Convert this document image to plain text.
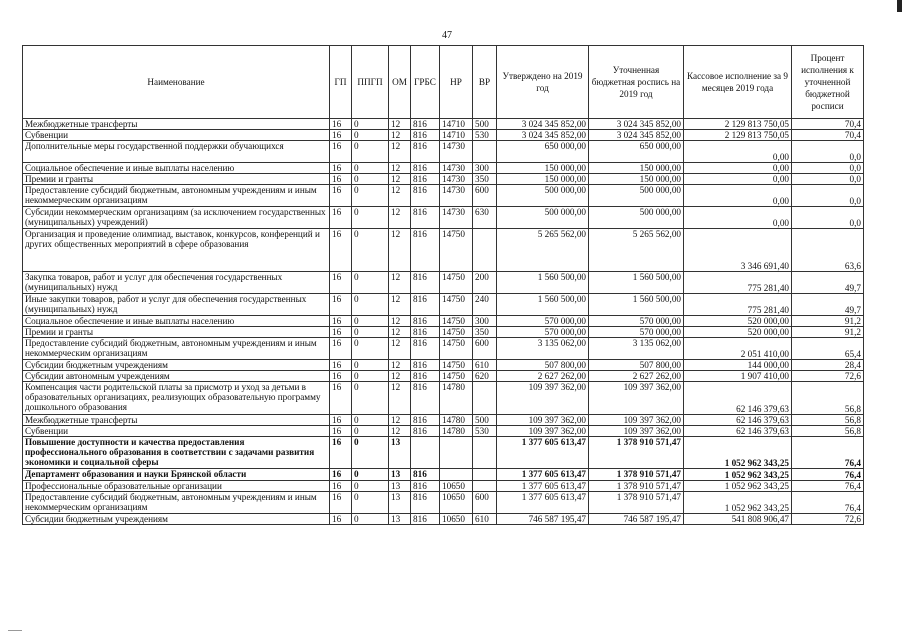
47
Наименование	ГП	ППГП	ОМ	ГРБС	НР	ВР	Утверждено на 2019 год	Уточненная бюджетная роспись на 2019 год	Кассовое исполнение за 9 месяцев 2019 года	Процент исполнения к уточненной бюджетной росписи
Межбюджетные трансферты	16	0	12	816	14710	500	3 024 345 852,00	3 024 345 852,00	2 129 813 750,05	70,4
Субвенции	16	0	12	816	14710	530	3 024 345 852,00	3 024 345 852,00	2 129 813 750,05	70,4
Дополнительные меры государственной поддержки обучающихся	16	0	12	816	14730		650 000,00	650 000,00	0,00	0,0
Социальное обеспечение и иные выплаты населению	16	0	12	816	14730	300	150 000,00	150 000,00	0,00	0,0
Премии и гранты	16	0	12	816	14730	350	150 000,00	150 000,00	0,00	0,0
Предоставление субсидий бюджетным, автономным учреждениям и иным некоммерческим организациям	16	0	12	816	14730	600	500 000,00	500 000,00	0,00	0,0
Субсидии некоммерческим организациям (за исключением государственных (муниципальных) учреждений)	16	0	12	816	14730	630	500 000,00	500 000,00	0,00	0,0
Организация и проведение олимпиад, выставок, конкурсов, конференций и других общественных мероприятий в сфере образования	16	0	12	816	14750		5 265 562,00	5 265 562,00	3 346 691,40	63,6
Закупка товаров, работ и услуг для обеспечения государственных (муниципальных) нужд	16	0	12	816	14750	200	1 560 500,00	1 560 500,00	775 281,40	49,7
Иные закупки товаров, работ и услуг для обеспечения государственных (муниципальных) нужд	16	0	12	816	14750	240	1 560 500,00	1 560 500,00	775 281,40	49,7
Социальное обеспечение и иные выплаты населению	16	0	12	816	14750	300	570 000,00	570 000,00	520 000,00	91,2
Премии и гранты	16	0	12	816	14750	350	570 000,00	570 000,00	520 000,00	91,2
Предоставление субсидий бюджетным, автономным учреждениям и иным некоммерческим организациям	16	0	12	816	14750	600	3 135 062,00	3 135 062,00	2 051 410,00	65,4
Субсидии бюджетным учреждениям	16	0	12	816	14750	610	507 800,00	507 800,00	144 000,00	28,4
Субсидии автономным учреждениям	16	0	12	816	14750	620	2 627 262,00	2 627 262,00	1 907 410,00	72,6
Компенсация части родительской платы за присмотр и уход за детьми в образовательных организациях, реализующих образовательную программу дошкольного образования	16	0	12	816	14780		109 397 362,00	109 397 362,00	62 146 379,63	56,8
Межбюджетные трансферты	16	0	12	816	14780	500	109 397 362,00	109 397 362,00	62 146 379,63	56,8
Субвенции	16	0	12	816	14780	530	109 397 362,00	109 397 362,00	62 146 379,63	56,8
Повышение доступности и качества предоставления профессионального образования в соответствии с задачами развития экономики и социальной сферы	16	0	13				1 377 605 613,47	1 378 910 571,47	1 052 962 343,25	76,4
Департамент образования и науки Брянской области	16	0	13	816			1 377 605 613,47	1 378 910 571,47	1 052 962 343,25	76,4
Профессиональные образовательные организации	16	0	13	816	10650		1 377 605 613,47	1 378 910 571,47	1 052 962 343,25	76,4
Предоставление субсидий бюджетным, автономным учреждениям и иным некоммерческим организациям	16	0	13	816	10650	600	1 377 605 613,47	1 378 910 571,47	1 052 962 343,25	76,4
Субсидии бюджетным учреждениям	16	0	13	816	10650	610	746 587 195,47	746 587 195,47	541 808 906,47	72,6
